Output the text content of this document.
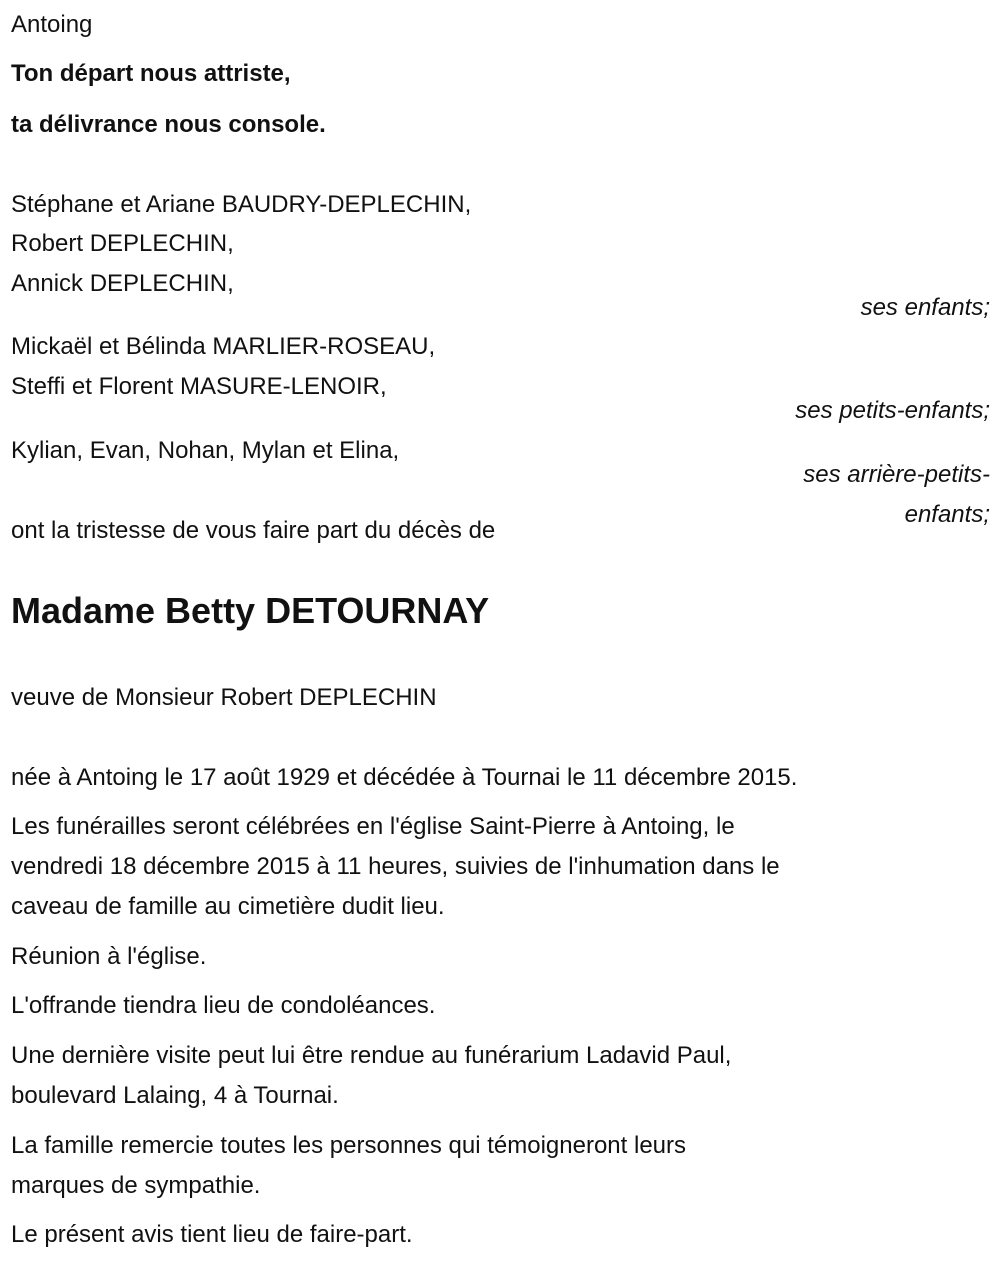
Antoing
Ton départ nous attriste,
ta délivrance nous console.
Stéphane et Ariane BAUDRY-DEPLECHIN,
Robert DEPLECHIN,
Annick DEPLECHIN,
ses enfants;
Mickaël et Bélinda MARLIER-ROSEAU,
Steffi et Florent MASURE-LENOIR,
ses petits-enfants;
Kylian, Evan, Nohan, Mylan et Elina,
ses arrière-petits-
enfants;
ont la tristesse de vous faire part du décès de
Madame Betty DETOURNAY
veuve de Monsieur Robert DEPLECHIN
née à Antoing le 17 août 1929 et décédée à Tournai le 11 décembre 2015.
Les funérailles seront célébrées en l'église Saint-Pierre à Antoing, le
vendredi 18 décembre 2015 à 11 heures, suivies de l'inhumation dans le
caveau de famille au cimetière dudit lieu.
Réunion à l'église.
L'offrande tiendra lieu de condoléances.
Une dernière visite peut lui être rendue au funérarium Ladavid Paul,
boulevard Lalaing, 4 à Tournai.
La famille remercie toutes les personnes qui témoigneront leurs
marques de sympathie.
Le présent avis tient lieu de faire-part.
